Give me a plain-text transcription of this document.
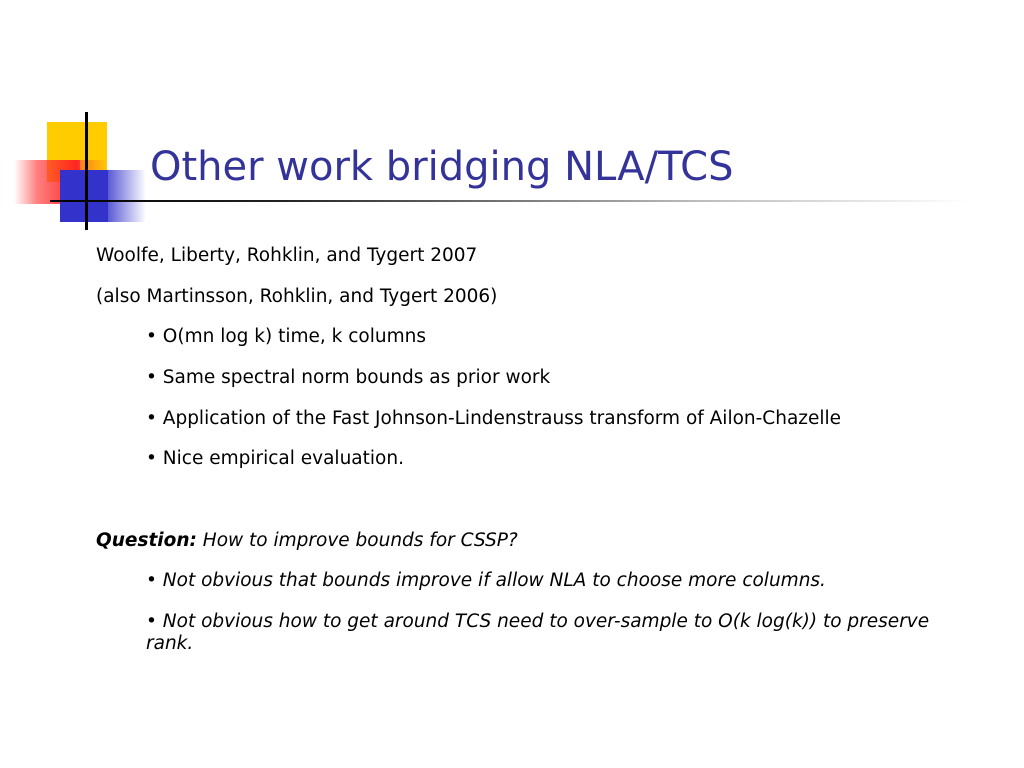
Other work bridging NLA/TCS

Woolfe, Liberty, Rohklin, and Tygert 2007

(also Martinsson, Rohklin, and Tygert 2006)

• O(mn log k) time, k columns

• Same spectral norm bounds as prior work

• Application of the Fast Johnson-Lindenstrauss transform of Ailon-Chazelle

• Nice empirical evaluation.

Question: How to improve bounds for CSSP?

• Not obvious that bounds improve if allow NLA to choose more columns.

• Not obvious how to get around TCS need to over-sample to O(k log(k)) to preserve rank.
